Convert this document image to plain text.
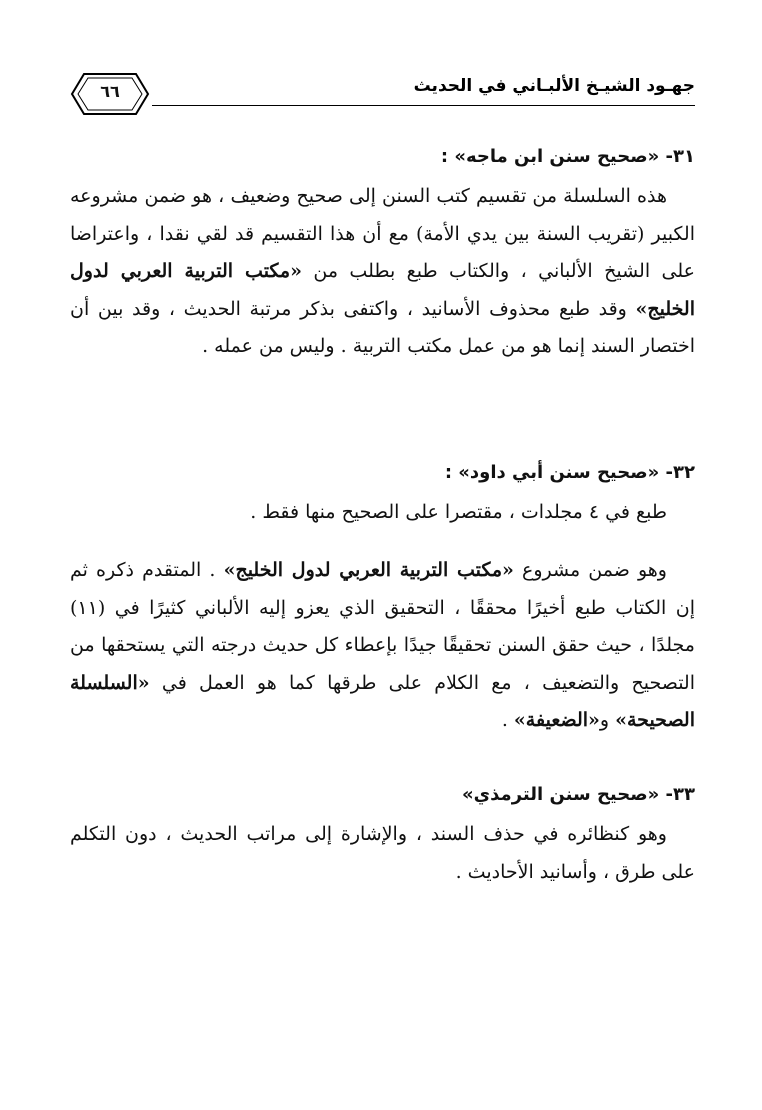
جهـود الشيـخ الألبـاني في الحديث
٦٦
٣١- «صحيح سنن ابن ماجه» :

هذه السلسلة من تقسيم كتب السنن إلى صحيح وضعيف ، هو ضمن مشروعه الكبير (تقريب السنة بين يدي الأمة) مع أن هذا التقسيم قد لقي نقدا ، واعتراضا على الشيخ الألباني ، والكتاب طبع بطلب من «مكتب التربية العربي لدول الخليج» وقد طبع محذوف الأسانيد ، واكتفى بذكر مرتبة الحديث ، وقد بين أن اختصار السند إنما هو من عمل مكتب التربية . وليس من عمله .

٣٢- «صحيح سنن أبي داود» :

طبع في ٤ مجلدات ، مقتصرا على الصحيح منها فقط .

وهو ضمن مشروع «مكتب التربية العربي لدول الخليج» . المتقدم ذكره ثم إن الكتاب طبع أخيرًا محققًا ، التحقيق الذي يعزو إليه الألباني كثيرًا في (١١) مجلدًا ، حيث حقق السنن تحقيقًا جيدًا بإعطاء كل حديث درجته التي يستحقها من التصحيح والتضعيف ، مع الكلام على طرقها كما هو العمل في «السلسلة الصحيحة» و«الضعيفة» .

٣٣- «صحيح سنن الترمذي»

وهو كنظائره في حذف السند ، والإشارة إلى مراتب الحديث ، دون التكلم على طرق ، وأسانيد الأحاديث .
